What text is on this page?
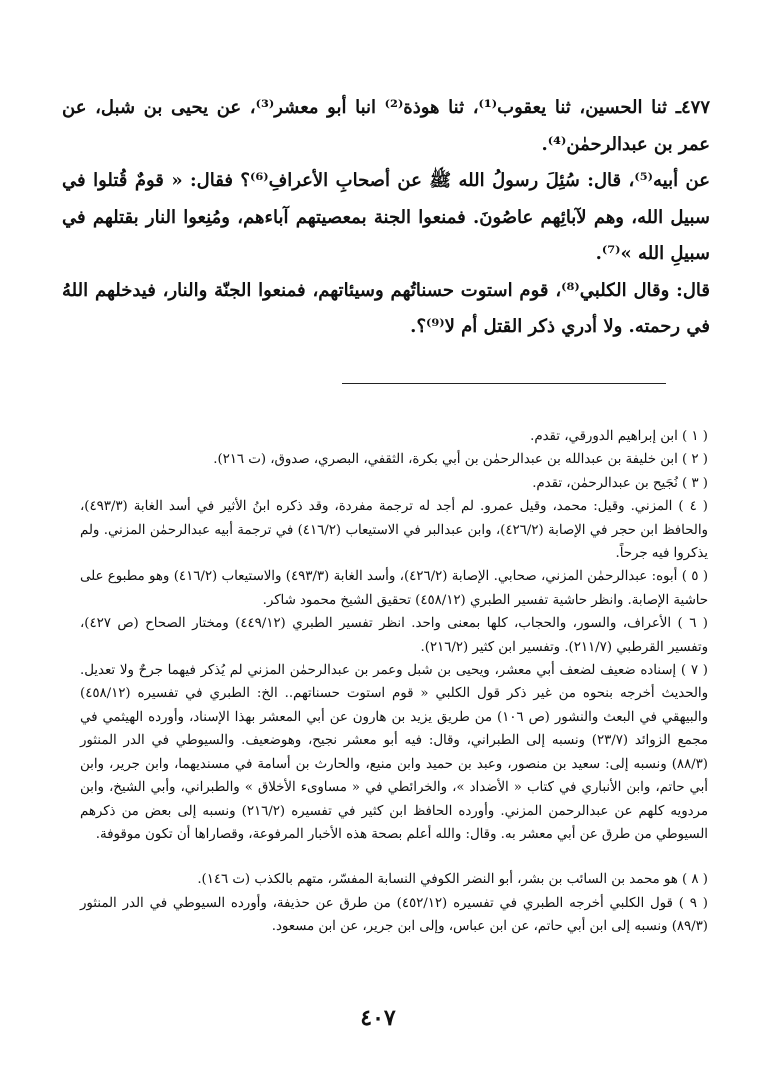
٤٧٧ـ ثنا الحسين، ثنا يعقوب⁽¹⁾، ثنا هوذة⁽²⁾ انبا أبو معشر⁽³⁾، عن يحيى بن شبل، عن عمر بن عبدالرحمٰن⁽⁴⁾.

عن أبيه⁽⁵⁾، قال: سُئِلَ رسولُ الله ﷺ عن أصحابِ الأعرافِ⁽⁶⁾؟ فقال: « قومٌ قُتلوا في سبيل الله، وهم لآبائِهم عاصُونَ. فمنعوا الجنة بمعصيتهم آباءهم، ومُنِعوا النار بقتلهم في سبيلِ الله »⁽⁷⁾.

قال: وقال الكلبي⁽⁸⁾، قوم استوت حسناتُهم وسيئاتهم، فمنعوا الجنّة والنار، فيدخلهم اللهُ في رحمته. ولا أدري ذكر القتل أم لا⁽⁹⁾؟.

( ١ ) ابن إبراهيم الدورقي، تقدم.

( ٢ ) ابن خليفة بن عبدالله بن عبدالرحمٰن بن أبي بكرة، الثقفي، البصري، صدوق، (ت ٢١٦).

( ٣ ) نُجَيح بن عبدالرحمٰن، تقدم.

( ٤ ) المزني. وقيل: محمد، وقيل عمرو. لم أجد له ترجمة مفردة، وقد ذكره ابنُ الأثير في أسد الغابة (٤٩٣/٣)، والحافظ ابن حجر في الإصابة (٤٢٦/٢)، وابن عبدالبر في الاستيعاب (٤١٦/٢) في ترجمة أبيه عبدالرحمٰن المزني. ولم يذكروا فيه جرحاً.

( ٥ ) أبوه: عبدالرحمٰن المزني، صحابي. الإصابة (٤٢٦/٢)، وأسد الغابة (٤٩٣/٣) والاستيعاب (٤١٦/٢) وهو مطبوع على حاشية الإصابة. وانظر حاشية تفسير الطبري (٤٥٨/١٢) تحقيق الشيخ محمود شاكر.

( ٦ ) الأعراف، والسور، والحجاب، كلها بمعنى واحد. انظر تفسير الطبري (٤٤٩/١٢) ومختار الصحاح (ص ٤٢٧)، وتفسير القرطبي (٢١١/٧). وتفسير ابن كثير (٢١٦/٢).

( ٧ ) إسناده ضعيف لضعف أبي معشر، ويحيى بن شبل وعمر بن عبدالرحمٰن المزني لم يُذكر فيهما جرحٌ ولا تعديل. والحديث أخرجه بنحوه من غير ذكر قول الكلبي « قوم استوت حسناتهم.. الخ: الطبري في تفسيره (٤٥٨/١٢) والبيهقي في البعث والنشور (ص ١٠٦) من طريق يزيد بن هارون عن أبي المعشر بهذا الإسناد، وأورده الهيثمي في مجمع الزوائد (٢٣/٧) ونسبه إلى الطبراني، وقال: فيه أبو معشر نجيح، وهوضعيف. والسيوطي في الدر المنثور (٨٨/٣) ونسبه إلى: سعيد بن منصور، وعبد بن حميد وابن منيع، والحارث بن أسامة في مسنديهما، وابن جرير، وابن أبي حاتم، وابن الأنباري في كتاب « الأضداد »، والخرائطي في « مساوىء الأخلاق » والطبراني، وأبي الشيخ، وابن مردويه كلهم عن عبدالرحمن المزني. وأورده الحافظ ابن كثير في تفسيره (٢١٦/٢) ونسبه إلى بعض من ذكرهم السيوطي من طرق عن أبي معشر به. وقال: والله أعلم بصحة هذه الأخبار المرفوعة، وقصاراها أن تكون موقوفة.

( ٨ ) هو محمد بن السائب بن بشر، أبو النضر الكوفي النسابة المفسّر، متهم بالكذب (ت ١٤٦).

( ٩ ) قول الكلبي أخرجه الطبري في تفسيره (٤٥٢/١٢) من طرق عن حذيفة، وأورده السيوطي في الدر المنثور (٨٩/٣) ونسبه إلى ابن أبي حاتم، عن ابن عباس، وإلى ابن جرير، عن ابن مسعود.

٤٠٧
